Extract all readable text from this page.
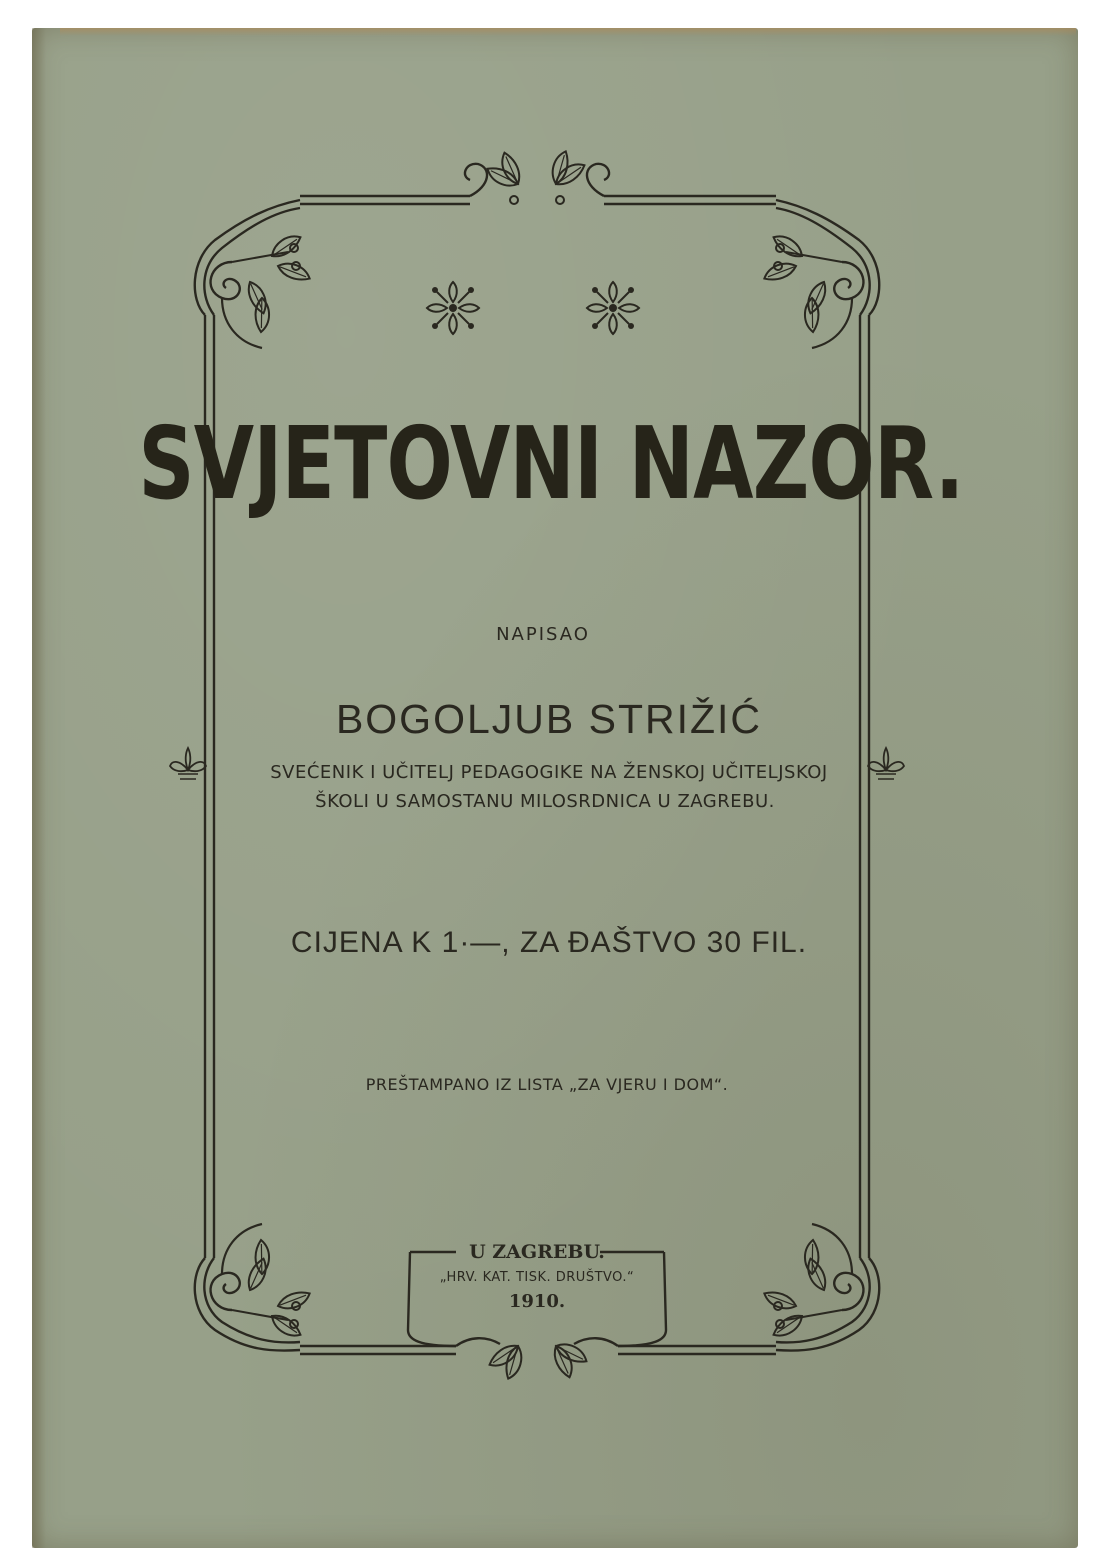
SVJETOVNI NAZOR.
NAPISAO
BOGOLJUB STRIŽIĆ
SVEĆENIK I UČITELJ PEDAGOGIKE NA ŽENSKOJ UČITELJSKOJ
ŠKOLI U SAMOSTANU MILOSRDNICA U ZAGREBU.
CIJENA K 1·—, ZA ĐAŠTVO 30 FIL.
PREŠTAMPANO IZ LISTA „ZA VJERU I DOM“.
U ZAGREBU.
„HRV. KAT. TISK. DRUŠTVO.“
1910.
